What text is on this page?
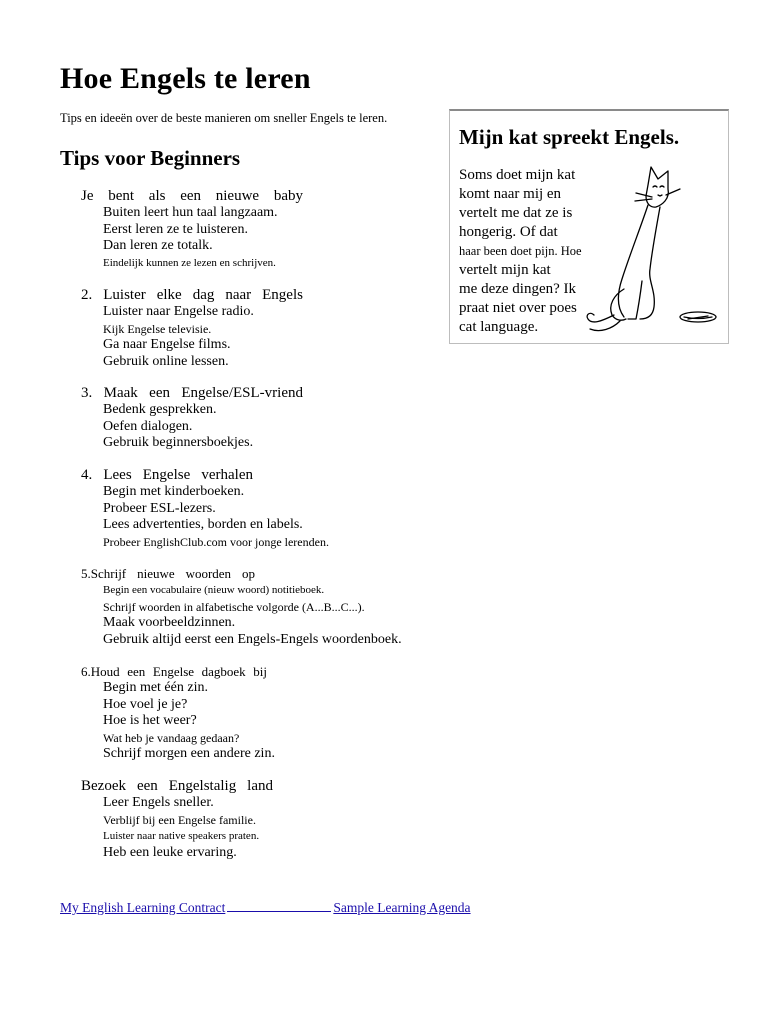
Hoe Engels te leren

Tips en ideeën over de beste manieren om sneller Engels te leren.

Tips voor Beginners
Je bent als een nieuwe baby
Buiten leert hun taal langzaam.
Eerst leren ze te luisteren.
Dan leren ze totalk.
Eindelijk kunnen ze lezen en schrijven.
2. Luister elke dag naar Engels
Luister naar Engelse radio.
Kijk Engelse televisie.
Ga naar Engelse films.
Gebruik online lessen.
3. Maak een Engelse/ESL-vriend
Bedenk gesprekken.
Oefen dialogen.
Gebruik beginnersboekjes.
4. Lees Engelse verhalen
Begin met kinderboeken.
Probeer ESL-lezers.
Lees advertenties, borden en labels.
Probeer EnglishClub.com voor jonge lerenden.
5.Schrijf nieuwe woorden op
Begin een vocabulaire (nieuw woord) notitieboek.
Schrijf woorden in alfabetische volgorde (A...B...C...).
Maak voorbeeldzinnen.
Gebruik altijd eerst een Engels-Engels woordenboek.
6.Houd een Engelse dagboek bij
Begin met één zin.
Hoe voel je je?
Hoe is het weer?
Wat heb je vandaag gedaan?
Schrijf morgen een andere zin.
Bezoek een Engelstalig land
Leer Engels sneller.
Verblijf bij een Engelse familie.
Luister naar native speakers praten.
Heb een leuke ervaring.
Mijn kat spreekt Engels.
Soms doet mijn kat
komt naar mij en
vertelt me dat ze is
hongerig. Of dat
haar been doet pijn. Hoe
vertelt mijn kat
me deze dingen? Ik
praat niet over poes
cat language.
My English Learning Contract	Sample Learning Agenda
